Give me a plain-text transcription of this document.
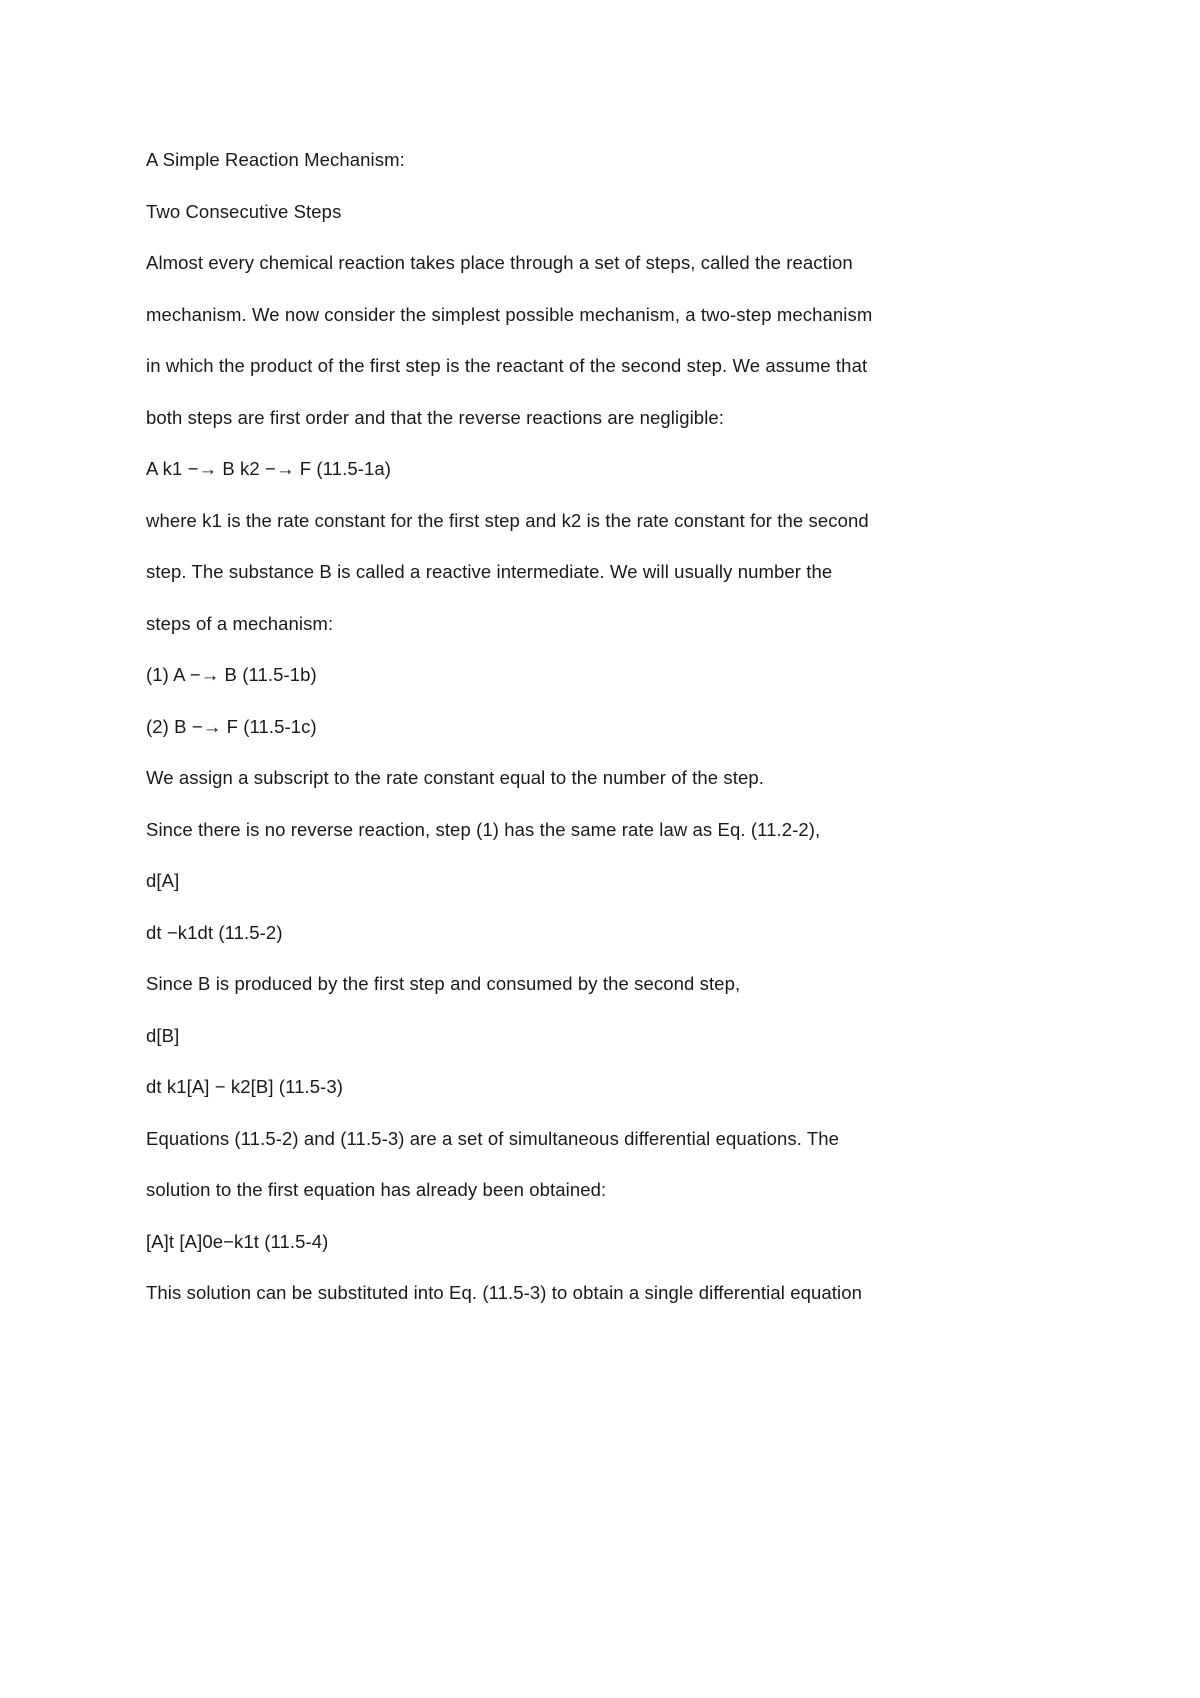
A Simple Reaction Mechanism:

Two Consecutive Steps

Almost every chemical reaction takes place through a set of steps, called the reaction

mechanism. We now consider the simplest possible mechanism, a two-step mechanism

in which the product of the first step is the reactant of the second step. We assume that

both steps are first order and that the reverse reactions are negligible:

A k1 −→ B k2 −→ F (11.5-1a)

where k1 is the rate constant for the first step and k2 is the rate constant for the second

step. The substance B is called a reactive intermediate. We will usually number the

steps of a mechanism:

(1) A −→ B (11.5-1b)

(2) B −→ F (11.5-1c)

We assign a subscript to the rate constant equal to the number of the step.

Since there is no reverse reaction, step (1) has the same rate law as Eq. (11.2-2),

d[A]

dt −k1dt (11.5-2)

Since B is produced by the first step and consumed by the second step,

d[B]

dt k1[A] − k2[B] (11.5-3)

Equations (11.5-2) and (11.5-3) are a set of simultaneous differential equations. The

solution to the first equation has already been obtained:

[A]t [A]0e−k1t (11.5-4)

This solution can be substituted into Eq. (11.5-3) to obtain a single differential equation
